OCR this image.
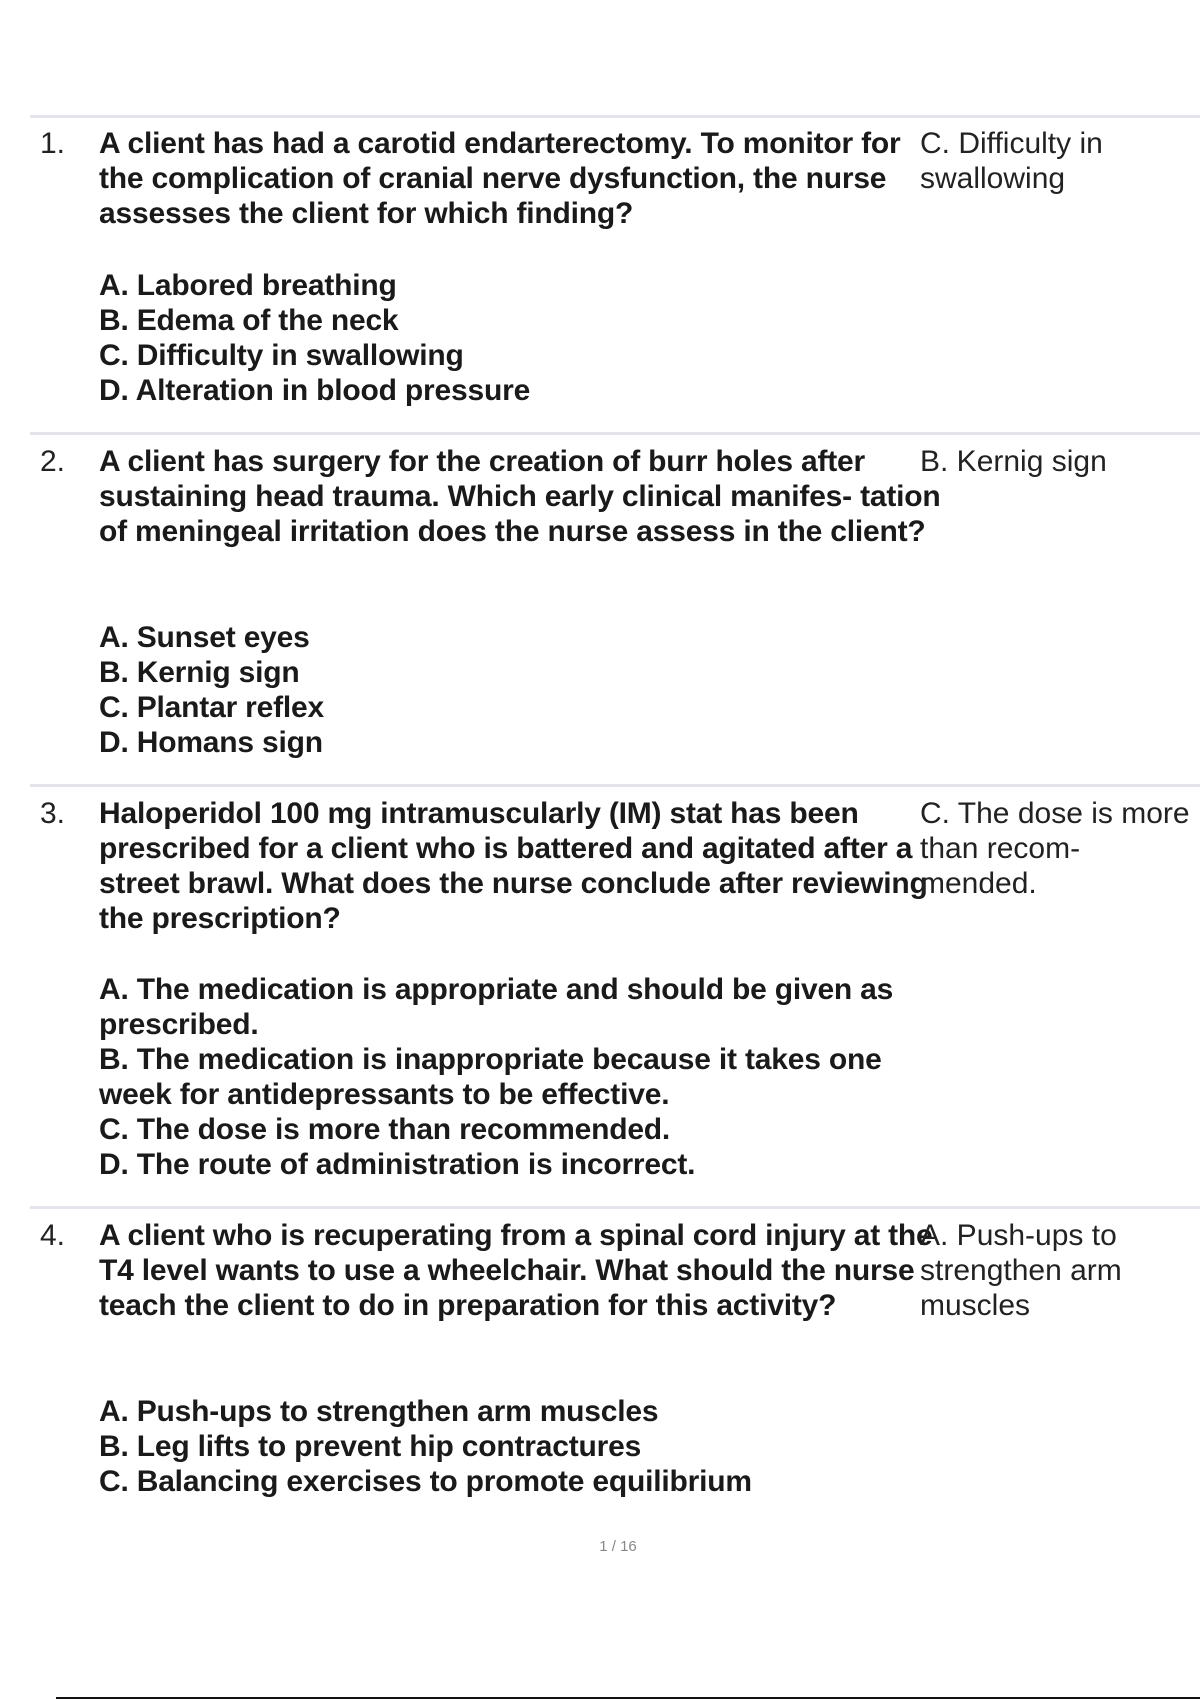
1. A client has had a carotid endarterectomy. To monitor for the complication of cranial nerve dysfunction, the nurse assesses the client for which finding?
A. Labored breathing
B. Edema of the neck
C. Difficulty in swallowing
D. Alteration in blood pressure
C. Difficulty in swallowing
2. A client has surgery for the creation of burr holes after sustaining head trauma. Which early clinical manifes- tation of meningeal irritation does the nurse assess in the client?
A. Sunset eyes
B. Kernig sign
C. Plantar reflex
D. Homans sign
B. Kernig sign
3. Haloperidol 100 mg intramuscularly (IM) stat has been prescribed for a client who is battered and agitated after a street brawl. What does the nurse conclude after reviewing the prescription?
A. The medication is appropriate and should be given as prescribed.
B. The medication is inappropriate because it takes one week for antidepressants to be effective.
C. The dose is more than recommended.
D. The route of administration is incorrect.
C. The dose is more than recom- mended.
4. A client who is recuperating from a spinal cord injury at the T4 level wants to use a wheelchair. What should the nurse teach the client to do in preparation for this activity?
A. Push-ups to strengthen arm muscles
B. Leg lifts to prevent hip contractures
C. Balancing exercises to promote equilibrium
A. Push-ups to strengthen arm muscles
1 / 16
